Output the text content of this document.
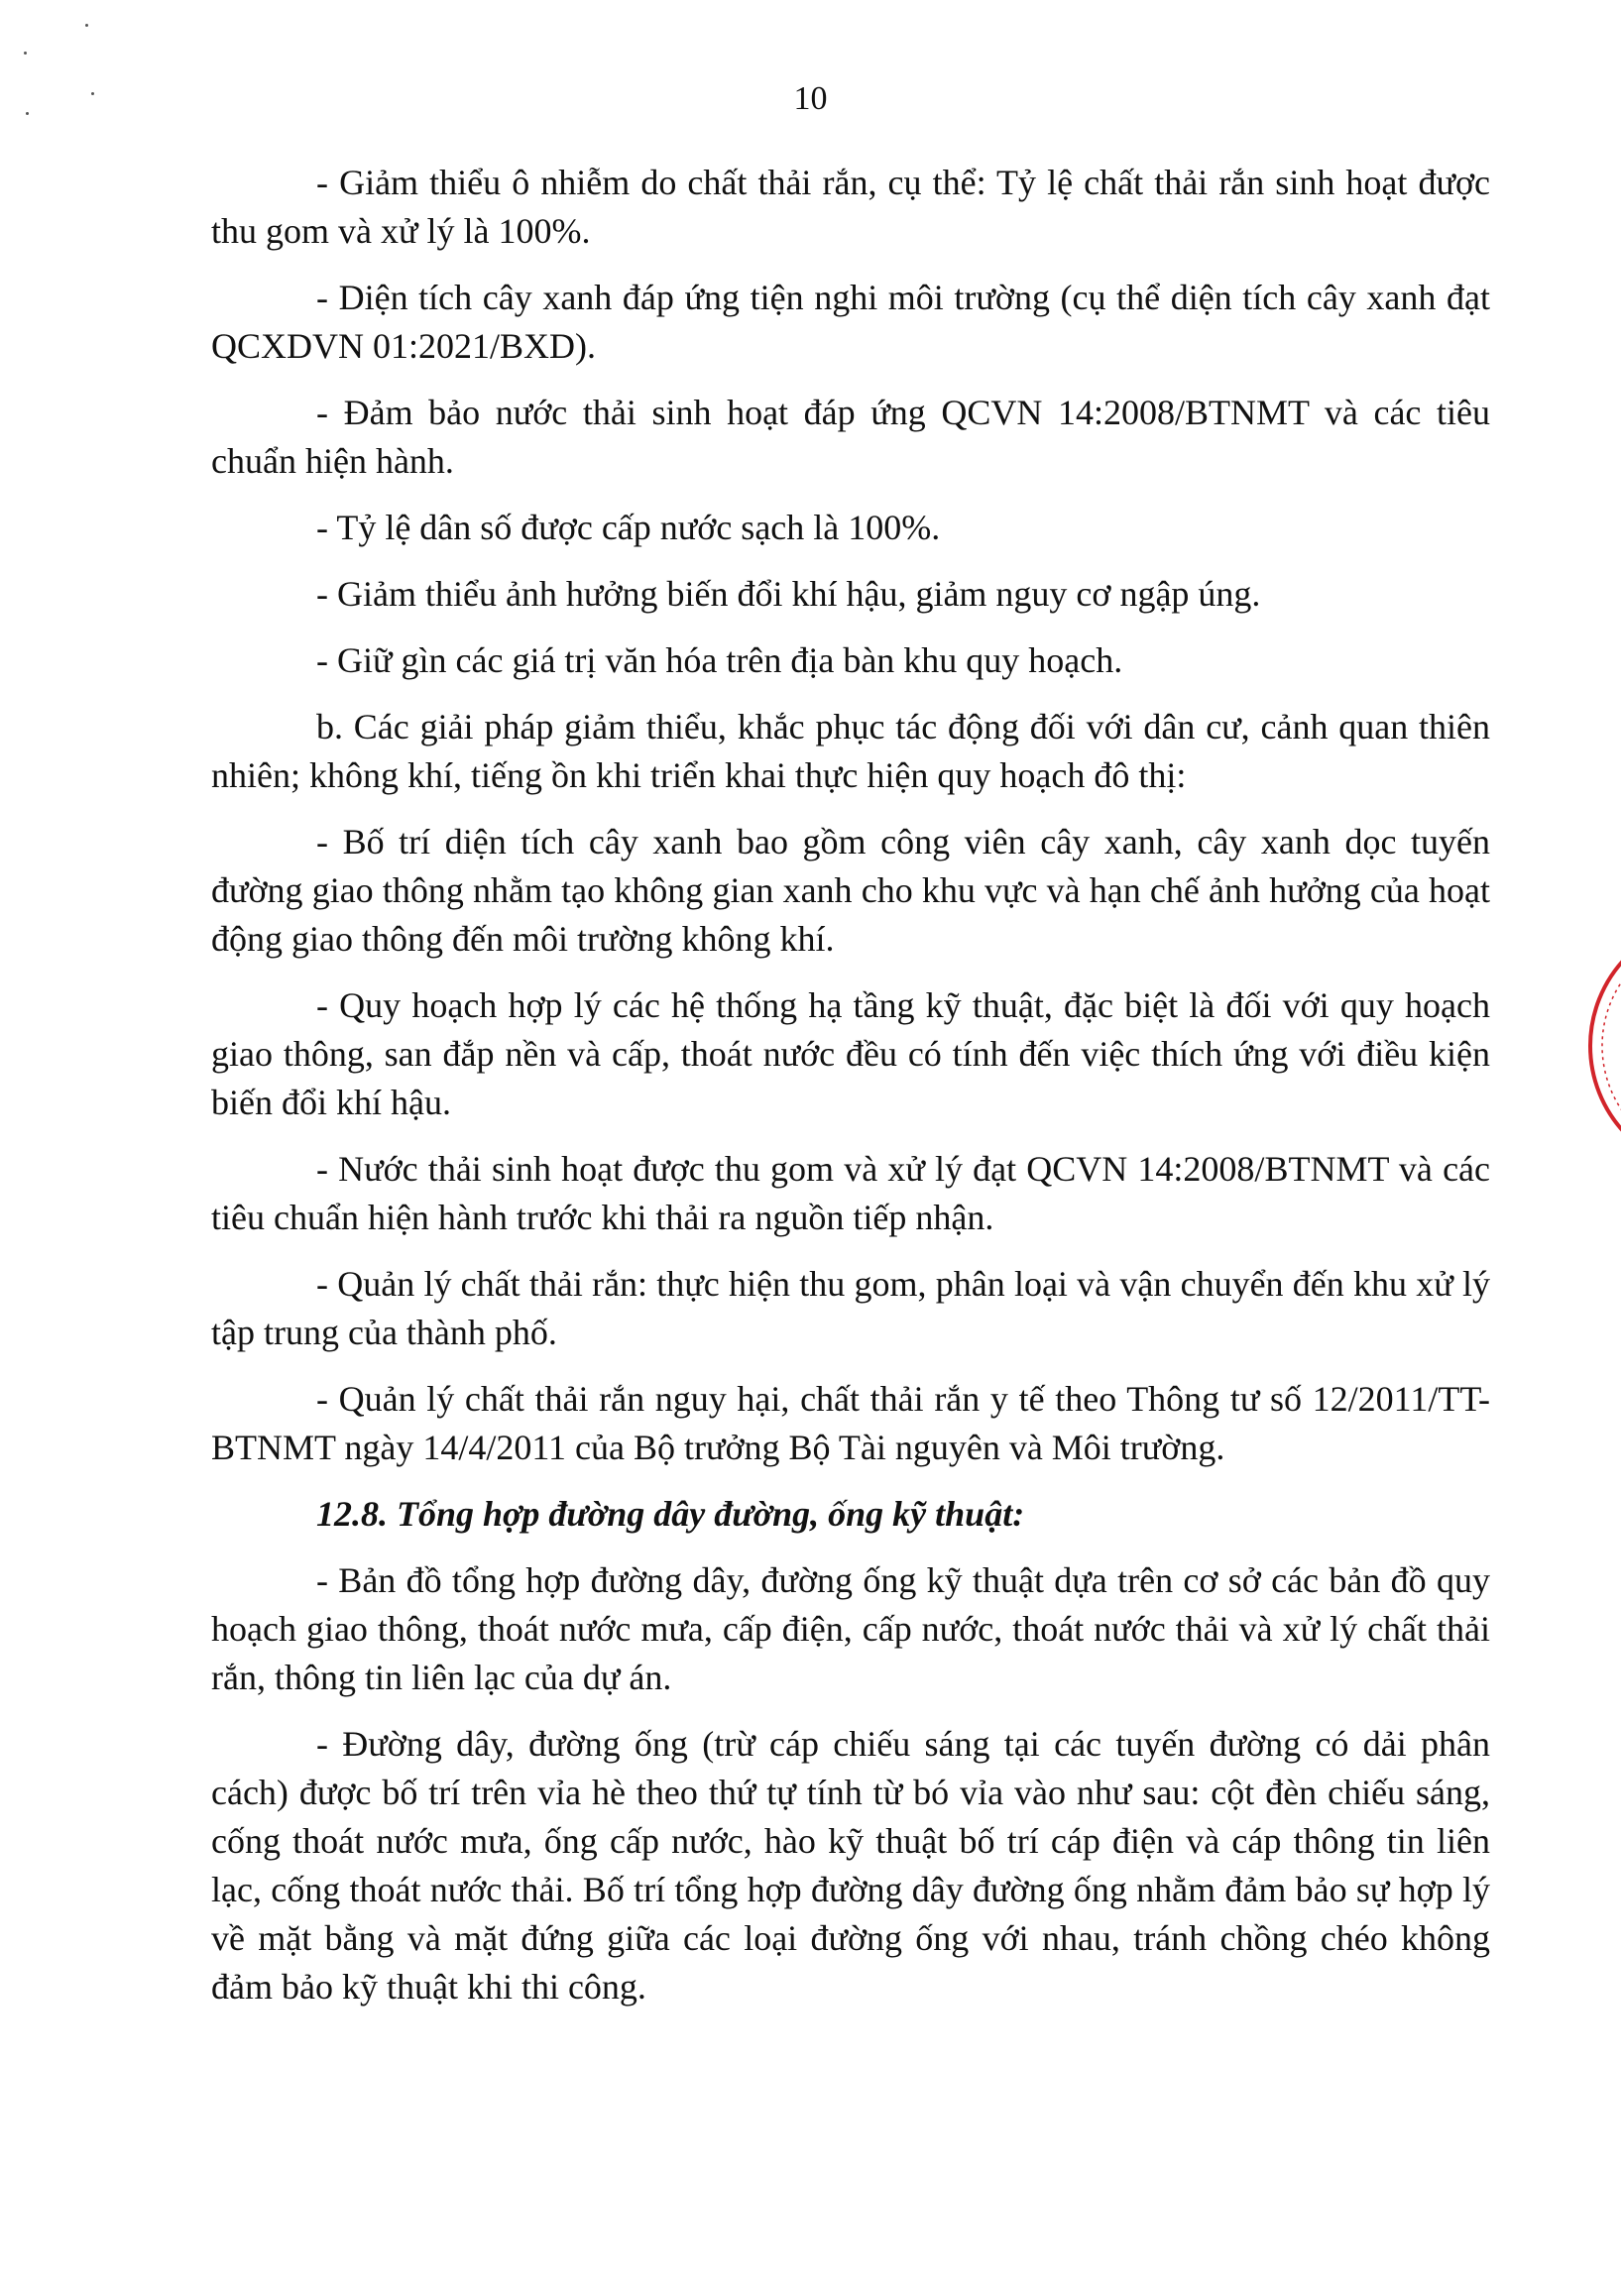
10

- Giảm thiểu ô nhiễm do chất thải rắn, cụ thể: Tỷ lệ chất thải rắn sinh hoạt được thu gom và xử lý là 100%.

- Diện tích cây xanh đáp ứng tiện nghi môi trường (cụ thể diện tích cây xanh đạt QCXDVN 01:2021/BXD).

- Đảm bảo nước thải sinh hoạt đáp ứng QCVN 14:2008/BTNMT và các tiêu chuẩn hiện hành.

- Tỷ lệ dân số được cấp nước sạch là 100%.

- Giảm thiểu ảnh hưởng biến đổi khí hậu, giảm nguy cơ ngập úng.

- Giữ gìn các giá trị văn hóa trên địa bàn khu quy hoạch.

b. Các giải pháp giảm thiểu, khắc phục tác động đối với dân cư, cảnh quan thiên nhiên; không khí, tiếng ồn khi triển khai thực hiện quy hoạch đô thị:

- Bố trí diện tích cây xanh bao gồm công viên cây xanh, cây xanh dọc tuyến đường giao thông nhằm tạo không gian xanh cho khu vực và hạn chế ảnh hưởng của hoạt động giao thông đến môi trường không khí.

- Quy hoạch hợp lý các hệ thống hạ tầng kỹ thuật, đặc biệt là đối với quy hoạch giao thông, san đắp nền và cấp, thoát nước đều có tính đến việc thích ứng với điều kiện biến đổi khí hậu.

- Nước thải sinh hoạt được thu gom và xử lý đạt QCVN 14:2008/BTNMT và các tiêu chuẩn hiện hành trước khi thải ra nguồn tiếp nhận.

- Quản lý chất thải rắn: thực hiện thu gom, phân loại và vận chuyển đến khu xử lý tập trung của thành phố.

- Quản lý chất thải rắn nguy hại, chất thải rắn y tế theo Thông tư số 12/2011/TT-BTNMT ngày 14/4/2011 của Bộ trưởng Bộ Tài nguyên và Môi trường.

12.8. Tổng hợp đường dây đường, ống kỹ thuật:

- Bản đồ tổng hợp đường dây, đường ống kỹ thuật dựa trên cơ sở các bản đồ quy hoạch giao thông, thoát nước mưa, cấp điện, cấp nước, thoát nước thải và xử lý chất thải rắn, thông tin liên lạc của dự án.

- Đường dây, đường ống (trừ cáp chiếu sáng tại các tuyến đường có dải phân cách) được bố trí trên vỉa hè theo thứ tự tính từ bó vỉa vào như sau: cột đèn chiếu sáng, cống thoát nước mưa, ống cấp nước, hào kỹ thuật bố trí cáp điện và cáp thông tin liên lạc, cống thoát nước thải. Bố trí tổng hợp đường dây đường ống nhằm đảm bảo sự hợp lý về mặt bằng và mặt đứng giữa các loại đường ống với nhau, tránh chồng chéo không đảm bảo kỹ thuật khi thi công.
